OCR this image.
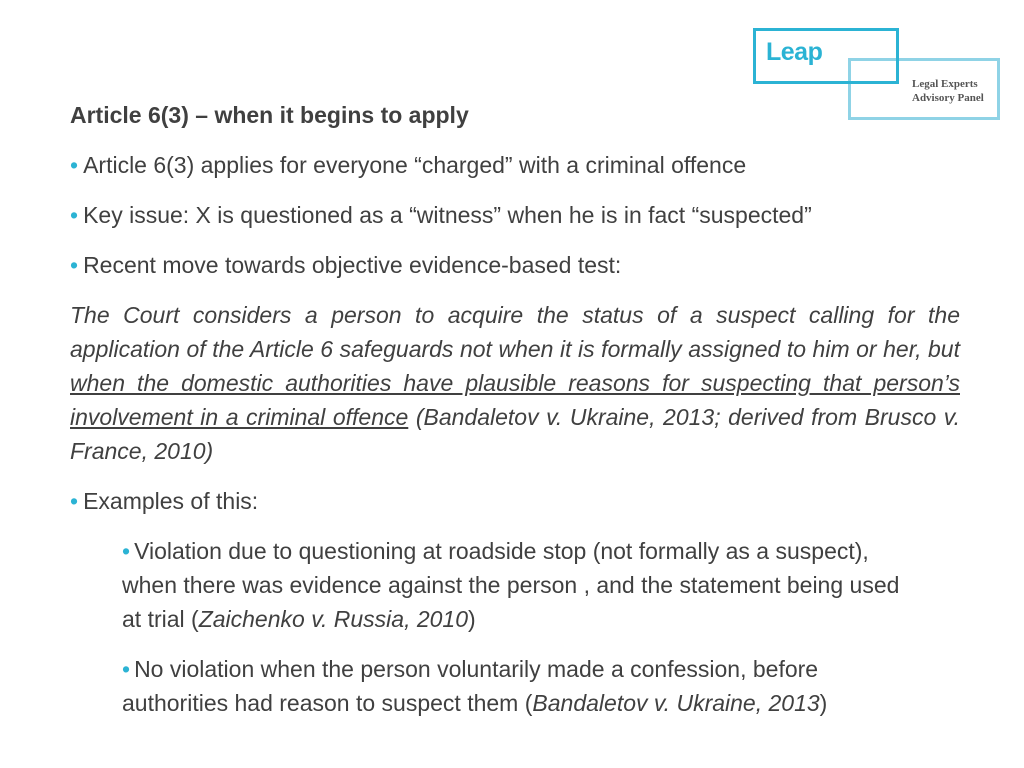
Leap
Legal Experts
Advisory Panel
Article 6(3) – when it begins to apply
• Article 6(3) applies for everyone “charged” with a criminal offence
• Key issue: X is questioned as a “witness” when he is in fact “suspected”
• Recent move towards objective evidence-based test:
The Court considers a person to acquire the status of a suspect calling for the application of the Article 6 safeguards not when it is formally assigned to him or her, but when the domestic authorities have plausible reasons for suspecting that person’s involvement in a criminal offence (Bandaletov v. Ukraine, 2013; derived from Brusco v. France, 2010)
• Examples of this:
• Violation due to questioning at roadside stop (not formally as a suspect), when there was evidence against the person , and the statement being used at trial (Zaichenko v. Russia, 2010)
• No violation when the person voluntarily made a confession, before authorities had reason to suspect them (Bandaletov v. Ukraine, 2013)
